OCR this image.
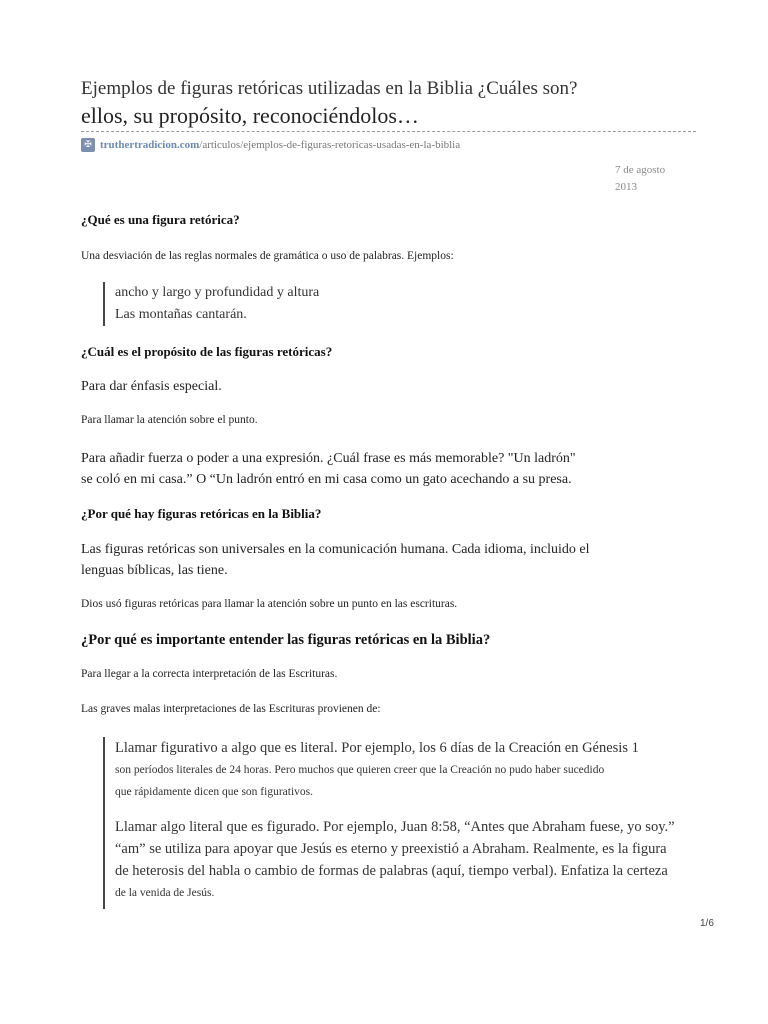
Ejemplos de figuras retóricas utilizadas en la Biblia ¿Cuáles son?
ellos, su propósito, reconociéndolos…
✠ truthertradicion.com /articulos/ejemplos-de-figuras-retoricas-usadas-en-la-biblia
7 de agosto
2013
¿Qué es una figura retórica?
Una desviación de las reglas normales de gramática o uso de palabras. Ejemplos:
ancho y largo y profundidad y altura
Las montañas cantarán.
¿Cuál es el propósito de las figuras retóricas?
Para dar énfasis especial.
Para llamar la atención sobre el punto.
Para añadir fuerza o poder a una expresión. ¿Cuál frase es más memorable? "Un ladrón"
se coló en mi casa.” O “Un ladrón entró en mi casa como un gato acechando a su presa.
¿Por qué hay figuras retóricas en la Biblia?
Las figuras retóricas son universales en la comunicación humana. Cada idioma, incluido el
lenguas bíblicas, las tiene.
Dios usó figuras retóricas para llamar la atención sobre un punto en las escrituras.
¿Por qué es importante entender las figuras retóricas en la Biblia?
Para llegar a la correcta interpretación de las Escrituras.
Las graves malas interpretaciones de las Escrituras provienen de:
Llamar figurativo a algo que es literal. Por ejemplo, los 6 días de la Creación en Génesis 1
son períodos literales de 24 horas. Pero muchos que quieren creer que la Creación no pudo haber sucedido
que rápidamente dicen que son figurativos.
Llamar algo literal que es figurado. Por ejemplo, Juan 8:58, “Antes que Abraham fuese, yo soy.”
“am” se utiliza para apoyar que Jesús es eterno y preexistió a Abraham. Realmente, es la figura
de heterosis del habla o cambio de formas de palabras (aquí, tiempo verbal). Enfatiza la certeza
de la venida de Jesús.
1/6
